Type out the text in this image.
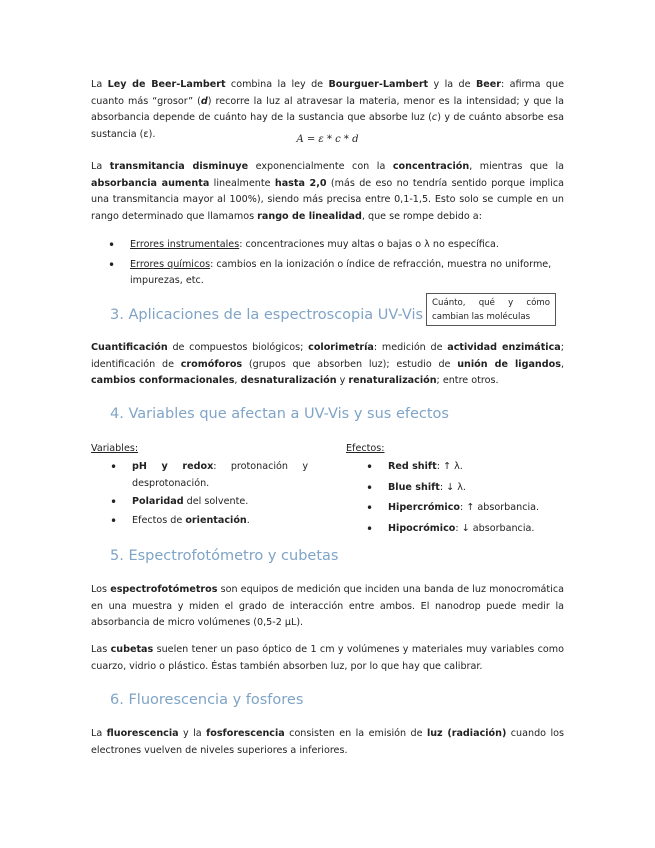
La Ley de Beer-Lambert combina la ley de Bourguer-Lambert y la de Beer: afirma que cuanto más “grosor” (d) recorre la luz al atravesar la materia, menor es la intensidad; y que la absorbancia depende de cuánto hay de la sustancia que absorbe luz (c) y de cuánto absorbe esa sustancia (ε).	A = ε * c * d

La transmitancia disminuye exponencialmente con la concentración, mientras que la absorbancia aumenta linealmente hasta 2,0 (más de eso no tendría sentido porque implica una transmitancia mayor al 100%), siendo más precisa entre 0,1-1,5. Esto solo se cumple en un rango determinado que llamamos rango de linealidad, que se rompe debido a:

• Errores instrumentales: concentraciones muy altas o bajas o λ no específica.
• Errores químicos: cambios en la ionización o índice de refracción, muestra no uniforme, impurezas, etc.
3. Aplicaciones de la espectroscopia UV-Vis
Cuánto, qué y cómo cambian las moléculas

Cuantificación de compuestos biológicos; colorimetría: medición de actividad enzimática; identificación de cromóforos (grupos que absorben luz); estudio de unión de ligandos, cambios conformacionales, desnaturalización y renaturalización; entre otros.

4. Variables que afectan a UV-Vis y sus efectos

Variables:

• pH y redox: protonación y desprotonación.
• Polaridad del solvente.
• Efectos de orientación.

Efectos:

• Red shift: ↑ λ.
• Blue shift: ↓ λ.
• Hipercrómico: ↑ absorbancia.
• Hipocrómico: ↓ absorbancia.
5. Espectrofotómetro y cubetas

Los espectrofotómetros son equipos de medición que inciden una banda de luz monocromática en una muestra y miden el grado de interacción entre ambos. El nanodrop puede medir la absorbancia de micro volúmenes (0,5-2 μL).

Las cubetas suelen tener un paso óptico de 1 cm y volúmenes y materiales muy variables como cuarzo, vidrio o plástico. Éstas también absorben luz, por lo que hay que calibrar.

6. Fluorescencia y fosfores

La fluorescencia y la fosforescencia consisten en la emisión de luz (radiación) cuando los electrones vuelven de niveles superiores a inferiores.
